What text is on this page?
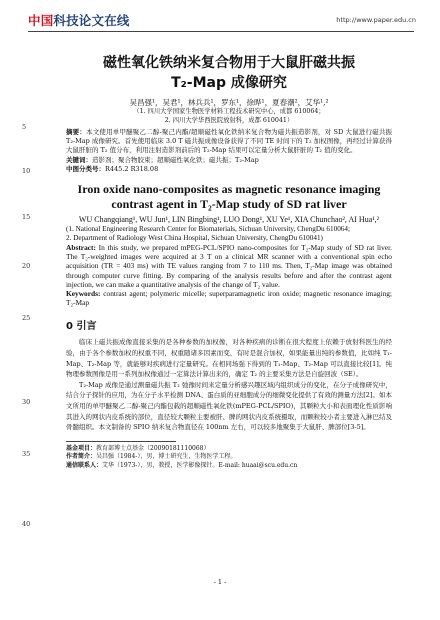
中国科技论文在线	http://www.paper.edu.cn
5
10
15
20
25
30
35
40
磁性氧化铁纳米复合物用于大鼠肝磁共振
T₂-Map 成像研究
吴昌强¹，吴君¹，林兵兵¹，罗东¹，徐晔¹，夏春潮²，艾华¹,²
（1. 四川大学国家生物医学材料工程技术研究中心，成都 610064；
2. 四川大学华西医院放射科，成都 610041）
摘要：本文使用单甲醚聚乙二醇-聚己内酯/超顺磁性氧化铁纳米复合物为磁共振造影剂，对 SD 大鼠进行磁共振 T₂-Map 成像研究。首先使用临床 3.0 T 磁共振成像设备获得了不同 TE 时间下的 T₂ 加权图像，再经过计算获得大鼠肝脏的 T₂ 值分布，利用注射造影剂前后的 T₂-Map 结果可以定量分析大鼠肝脏的 T₂ 值的变化。
关键词：造影剂；聚合物胶束；超顺磁性氧化铁；磁共振；T₂-Map
中图分类号：R445.2 R318.08
Iron oxide nano-composites as magnetic resonance imaging contrast agent in T₂-Map study of SD rat liver
WU Changqiang¹, WU Jun¹, LIN Bingbing¹, LUO Dong¹, XU Ye¹, XIA Chunchao², AI Hua¹,²
(1. National Engineering Research Center for Biomaterials, Sichuan University, ChengDu 610064;
2. Department of Radiology West China Hospital, Sichuan University, ChengDu 610041)
Abstract: In this study, we prepared mPEG-PCL/SPIO nano-composites for T₂-Map study of SD rat liver. The T₂-weighted images were acquired at 3 T on a clinical MR scanner with a conventional spin echo acquisition (TR = 403 ms) with TE values ranging from 7 to 110 ms. Then, T₂-Map image was obtained through computer curve fitting. By comparing of the analysis results before and after the contrast agent injection, we can make a quantitative analysis of the change of T₂ value.
Keywords: contrast agent; polymeric micelle; superparamagnetic iron oxide; magnetic resonance imaging; T₂-Map
0 引言

临床上磁共振成像直接采集的是各种参数的加权像，对各种疾病的诊断在很大程度上依赖于放射科医生的经验，由于各个参数加权的权重不同，权重随诸多因素而变，有时是混合加权，如果能量出纯的参数值，比如纯 T₁-Map、T₂-Map 等，就能够对疾病进行定量研究。在相同场强下得到的 T₁-Map、T₂-Map 可以直接比较[1]。纯物理参数图像是用一系列加权像通过一定算法计算出来的，确定 T₂ 的主要采集方法是自旋回波（SE）。

T₂-Map 成像是通过测量磁共振 T₂ 弛豫时间来定量分析感兴趣区域内组织成分的变化，在分子成像研究中，结合分子探针的应用，为在分子水平检测 DNA、蛋白质的亚细胞成分的细微变化提供了有效的测量方法[2]。如本文所用的单甲醚聚乙二醇-聚己内酯包载的超顺磁性氧化铁(mPEG-PCL/SPIO)，其颗粒大小和表面理化性质影响其进入的网状内皮系统的部位，直径较大颗粒主要被肝、脾的网状内皮系统摄取，而颗粒较小者主要进入淋巴结及骨髓组织。本文制备的 SPIO 纳米复合物直径在 100nm 左右，可以较多地聚集于大鼠肝、脾部位[3-5]。

基金项目：教育部博士点基金（20090181110068）
作者简介：吴昌强（1984-），男，博士研究生，生物医学工程。
通信联系人：艾华（1973-），男，教授，医学影像探针。E-mail: huaai@scu.edu.cn
- 1 -
